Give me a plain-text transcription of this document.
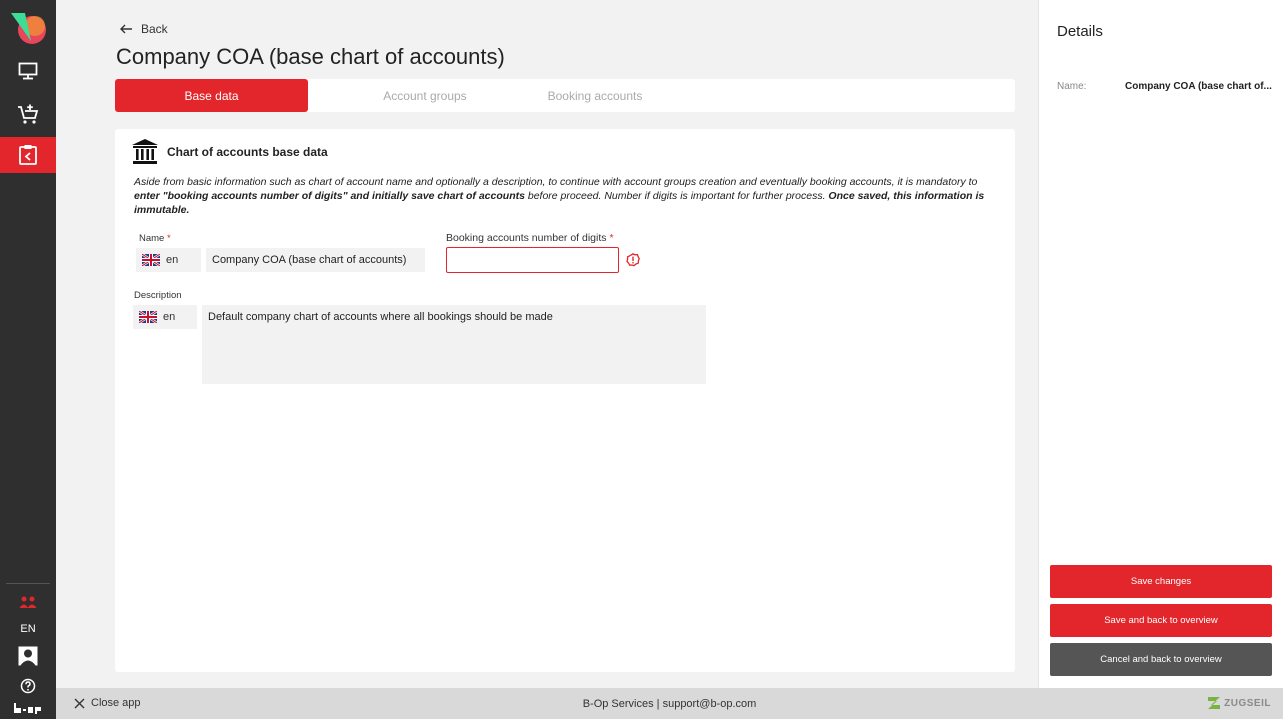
EN
Back
Company COA (base chart of accounts)
Base data	Account groups	Booking accounts
Chart of accounts base data
Aside from basic information such as chart of account name and optionally a description, to continue with account groups creation and eventually booking accounts, it is mandatory to enter "booking accounts number of digits" and initially save chart of accounts before proceed. Number if digits is important for further process. Once saved, this information is immutable.
Name *
en	Company COA (base chart of accounts)
Booking accounts number of digits *
Description
en	Default company chart of accounts where all bookings should be made
Details
Name:	Company COA (base chart of...
Save changes
Save and back to overview
Cancel and back to overview
B-Op Services | support@b-op.com
Close app	ZUGSEIL
